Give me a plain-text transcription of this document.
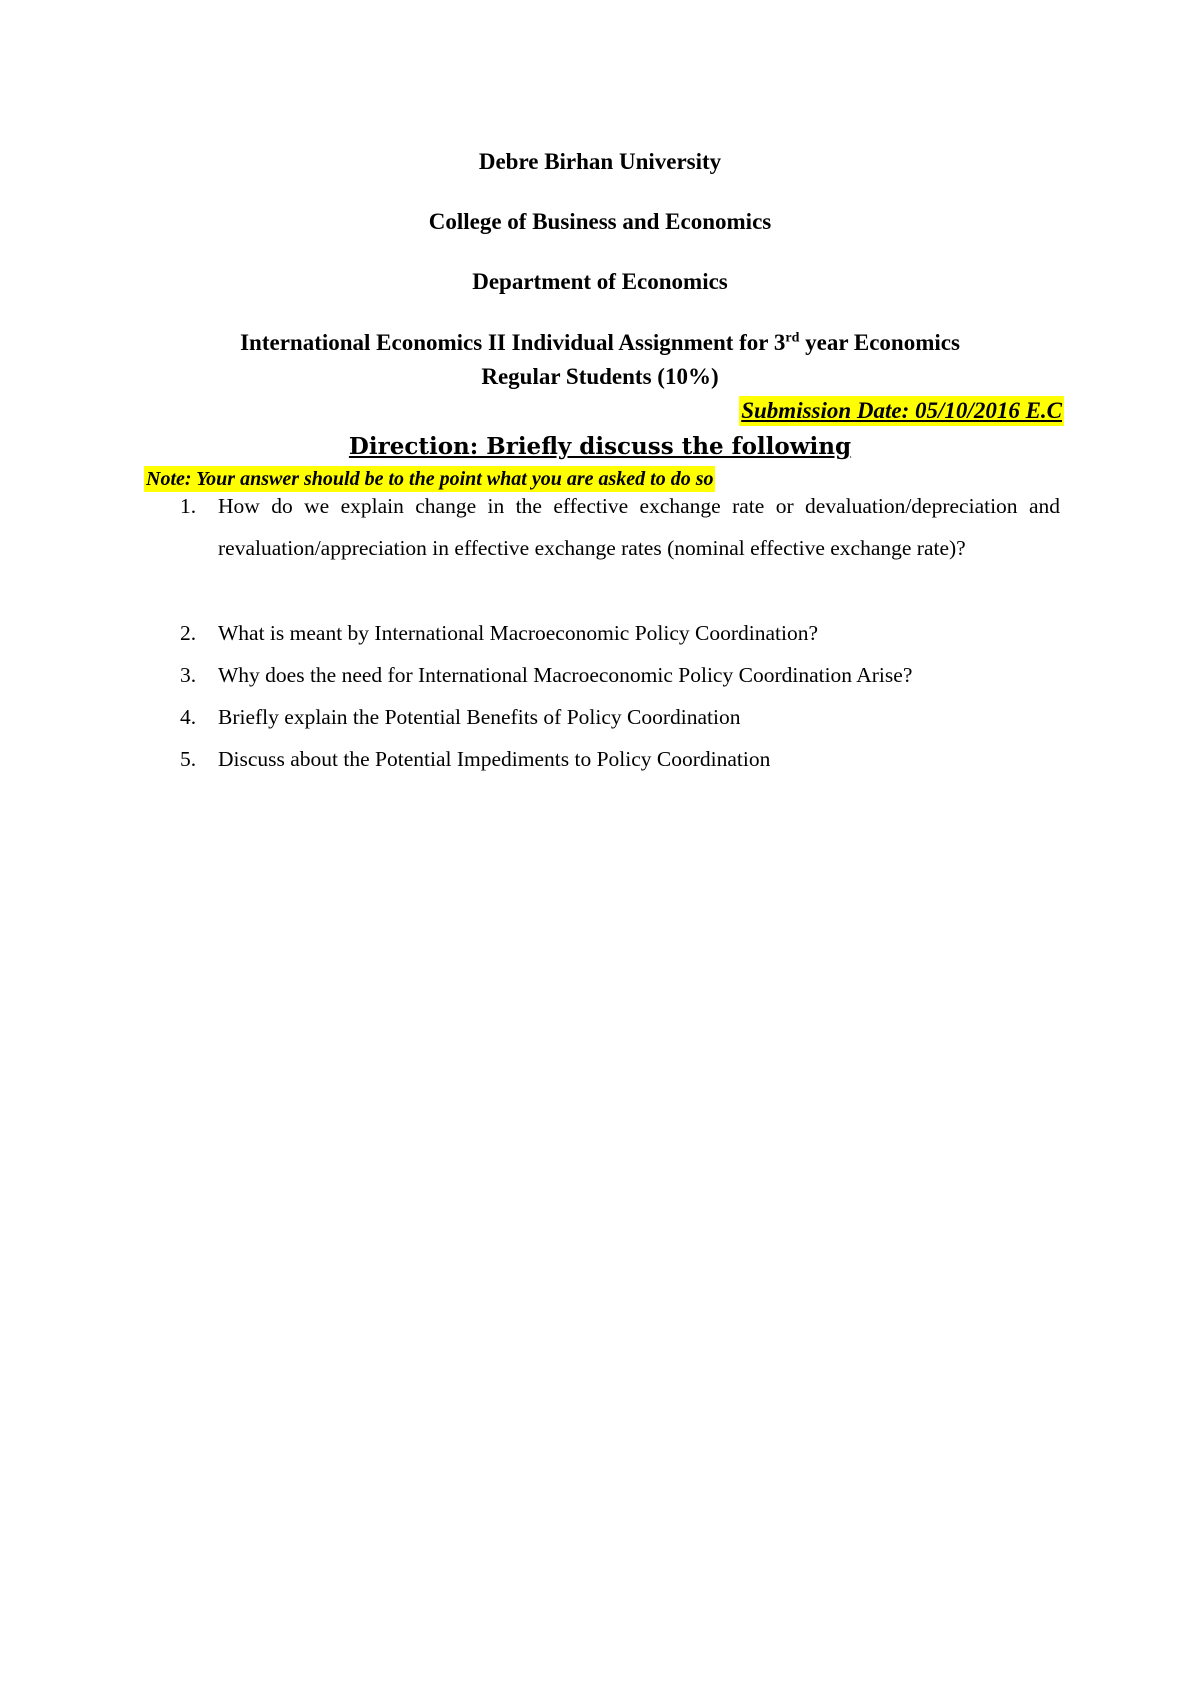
Debre Birhan University
College of Business and Economics
Department of Economics
International Economics II Individual Assignment for 3rd year Economics
Regular Students (10%)
Submission Date: 05/10/2016 E.C
Direction: Briefly discuss the following
Note: Your answer should be to the point what you are asked to do so
1.	How do we explain change in the effective exchange rate or devaluation/depreciation and revaluation/appreciation in effective exchange rates (nominal effective exchange rate)?
2.	What is meant by International Macroeconomic Policy Coordination?
3.	Why does the need for International Macroeconomic Policy Coordination Arise?
4.	Briefly explain the Potential Benefits of Policy Coordination
5.	Discuss about the Potential Impediments to Policy Coordination
